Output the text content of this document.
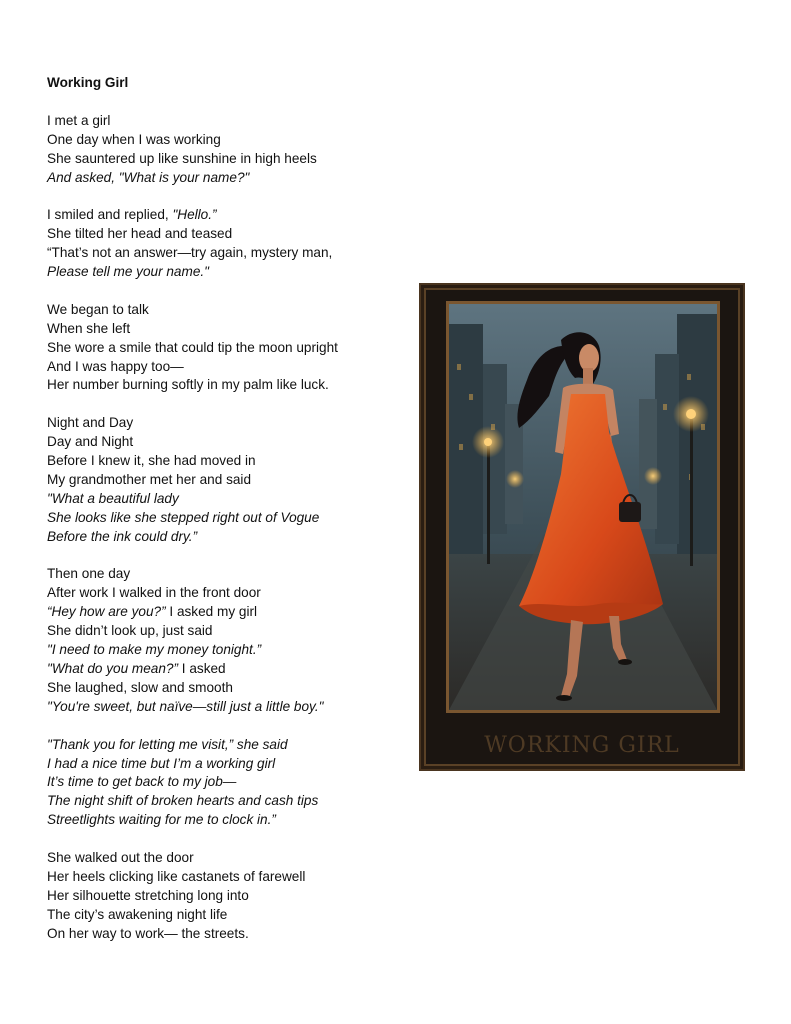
Working Girl
I met a girl
One day when I was working
She sauntered up like sunshine in high heels
And asked, "What is your name?"
I smiled and replied, "Hello.”
She tilted her head and teased
“That’s not an answer—try again, mystery man,
Please tell me your name."
We began to talk
When she left
She wore a smile that could tip the moon upright
And I was happy too—
Her number burning softly in my palm like luck.
Night and Day
Day and Night
Before I knew it, she had moved in
My grandmother met her and said
"What a beautiful lady
She looks like she stepped right out of Vogue
Before the ink could dry.”
Then one day
After work I walked in the front door
“Hey how are you?” I asked my girl
She didn’t look up, just said
"I need to make my money tonight.”
"What do you mean?” I asked
She laughed, slow and smooth
"You're sweet, but naïve—still just a little boy."
"Thank you for letting me visit,” she said
I had a nice time but I’m a working girl
It’s time to get back to my job—
The night shift of broken hearts and cash tips
Streetlights waiting for me to clock in.”
She walked out the door
Her heels clicking like castanets of farewell
Her silhouette stretching long into
The city’s awakening night life
On her way to work— the streets.
WORKING GIRL
